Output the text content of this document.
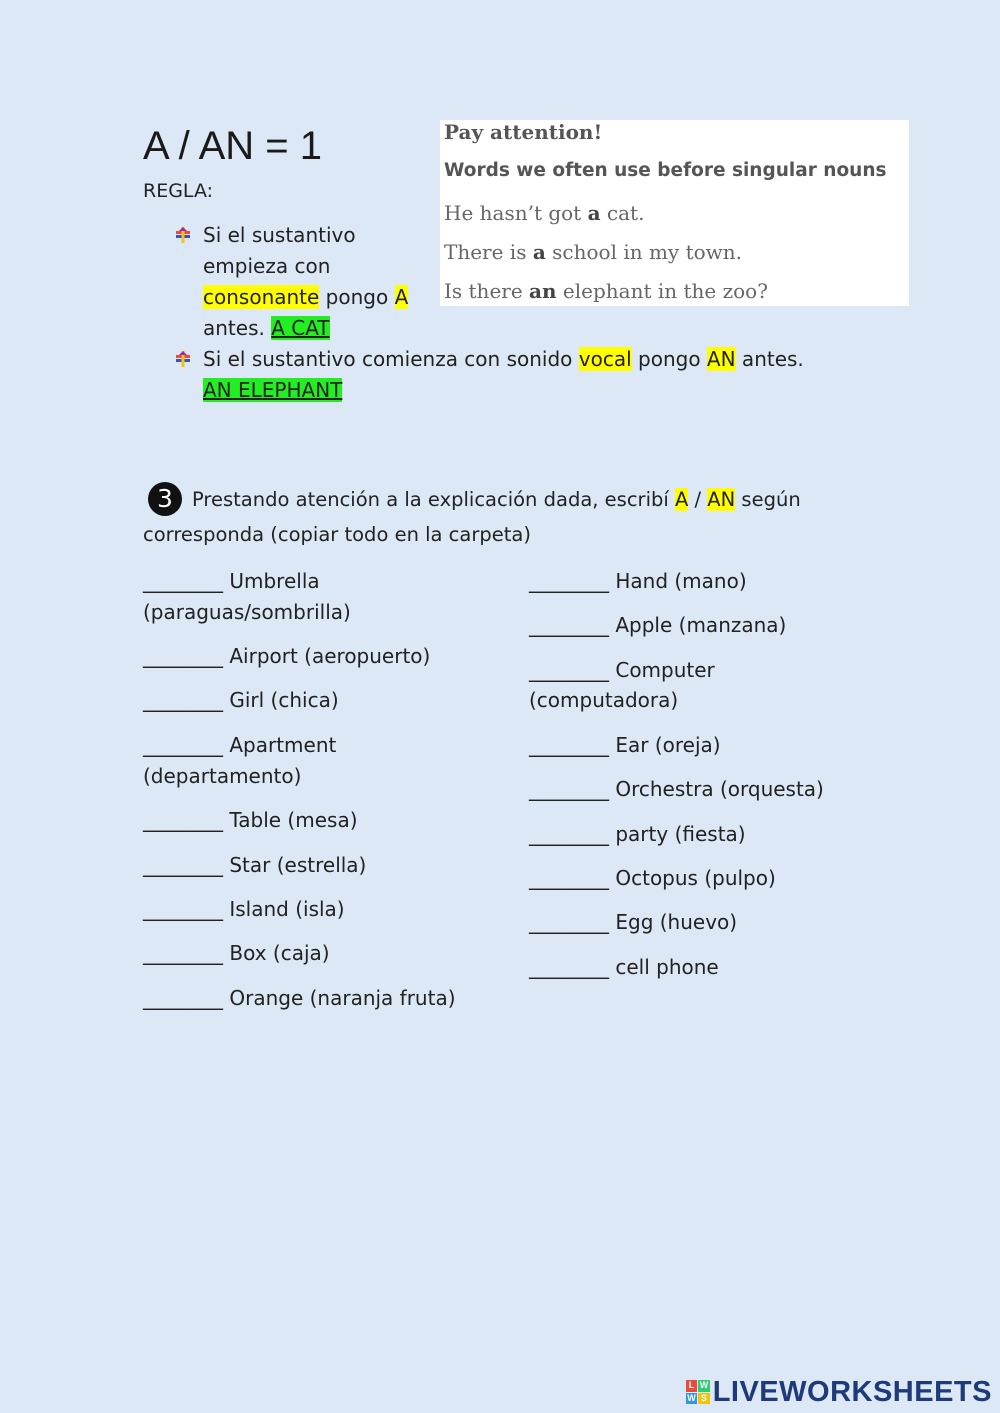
A / AN = 1
REGLA:
Si el sustantivo
empieza con
consonante pongo A
antes. A CAT
Si el sustantivo comienza con sonido vocal pongo AN antes.
AN ELEPHANT
Pay attention!
Words we often use before singular nouns
He hasn’t got a cat.
There is a school in my town.
Is there an elephant in the zoo?
3 Prestando atención a la explicación dada, escribí A / AN según
corresponda (copiar todo en la carpeta)
________ Umbrella
(paraguas/sombrilla)
________ Airport (aeropuerto)
________ Girl (chica)
________ Apartment
(departamento)
________ Table (mesa)
________ Star (estrella)
________ Island (isla)
________ Box (caja)
________ Orange (naranja fruta)
________ Hand (mano)
________ Apple (manzana)
________ Computer
(computadora)
________ Ear (oreja)
________ Orchestra (orquesta)
________ party (fiesta)
________ Octopus (pulpo)
________ Egg (huevo)
________ cell phone
L W
W S LIVEWORKSHEETS
